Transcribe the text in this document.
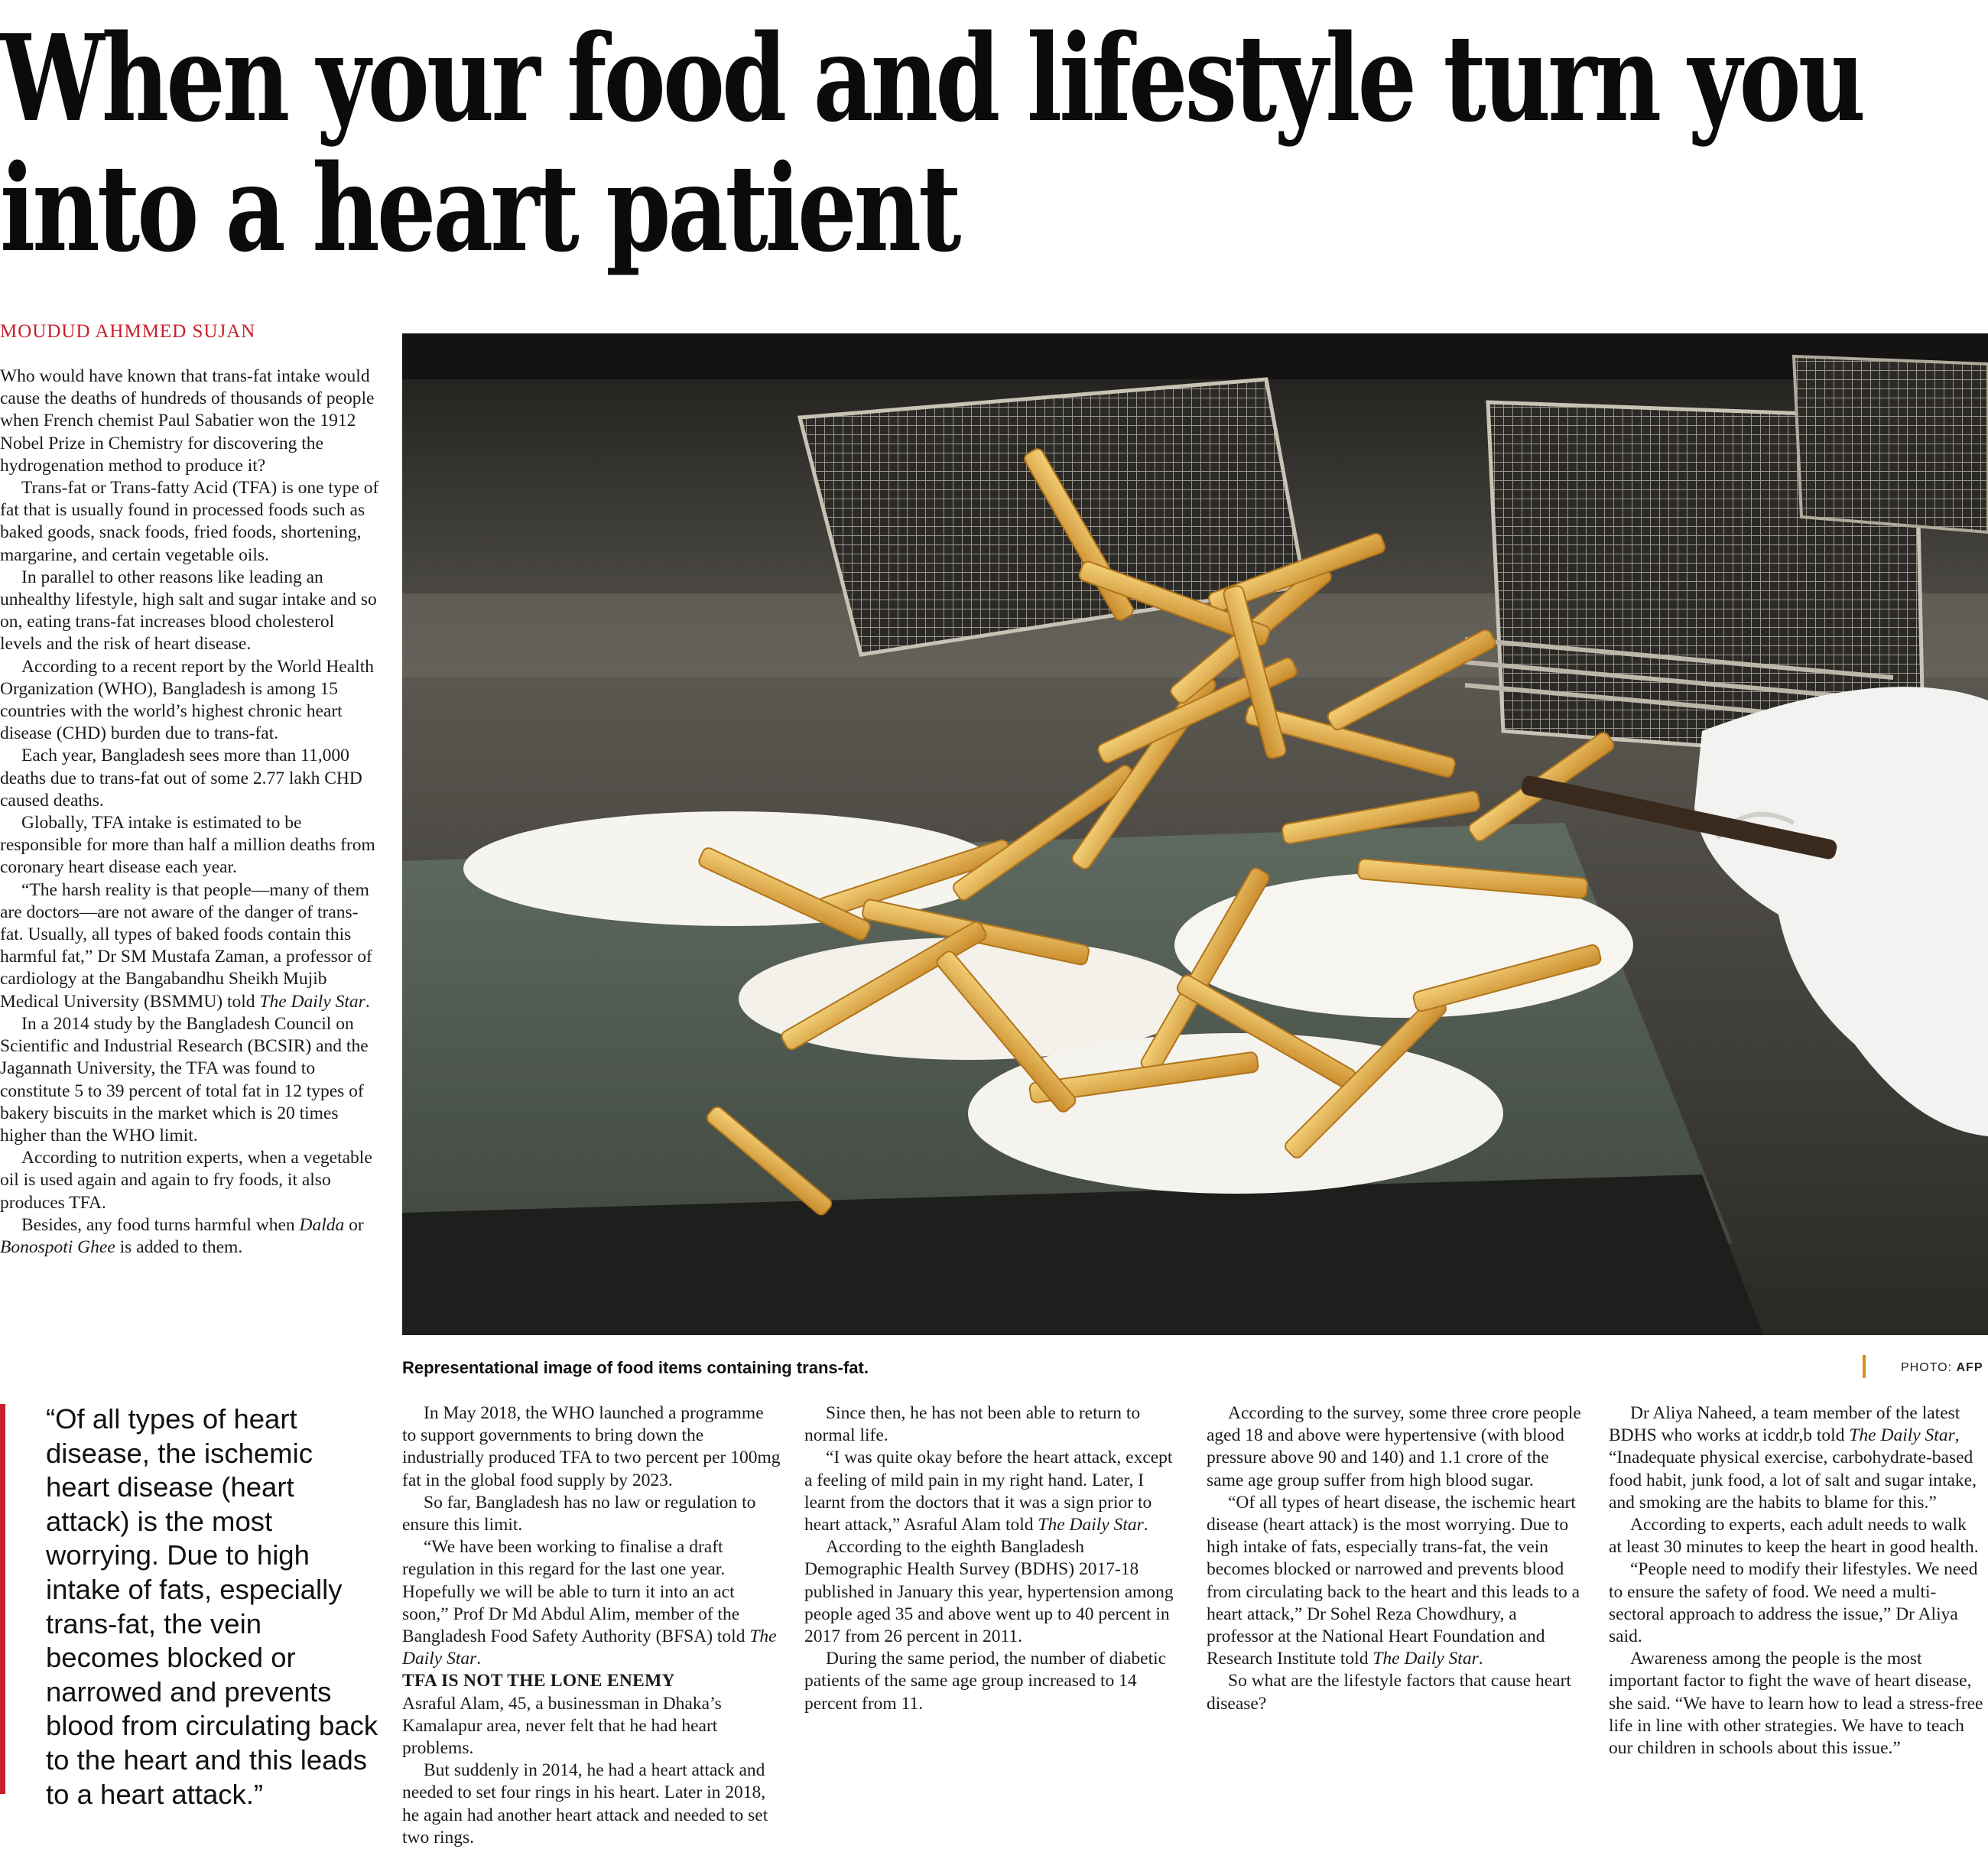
When your food and lifestyle turn you
into a heart patient
MOUDUD AHMMED SUJAN

Who would have known that trans-fat intake would cause the deaths of hundreds of thousands of people when French chemist Paul Sabatier won the 1912 Nobel Prize in Chemistry for discovering the hydrogenation method to produce it?

Trans-fat or Trans-fatty Acid (TFA) is one type of fat that is usually found in processed foods such as baked goods, snack foods, fried foods, shortening, margarine, and certain vegetable oils.

In parallel to other reasons like leading an unhealthy lifestyle, high salt and sugar intake and so on, eating trans-fat increases blood cholesterol levels and the risk of heart disease.

According to a recent report by the World Health Organization (WHO), Bangladesh is among 15 countries with the world’s highest chronic heart disease (CHD) burden due to trans-fat.

Each year, Bangladesh sees more than 11,000 deaths due to trans-fat out of some 2.77 lakh CHD caused deaths.

Globally, TFA intake is estimated to be responsible for more than half a million deaths from coronary heart disease each year.

“The harsh reality is that people—many of them are doctors—are not aware of the danger of trans-fat. Usually, all types of baked foods contain this harmful fat,” Dr SM Mustafa Zaman, a professor of cardiology at the Bangabandhu Sheikh Mujib Medical University (BSMMU) told The Daily Star.

In a 2014 study by the Bangladesh Council on Scientific and Industrial Research (BCSIR) and the Jagannath University, the TFA was found to constitute 5 to 39 percent of total fat in 12 types of bakery biscuits in the market which is 20 times higher than the WHO limit.

According to nutrition experts, when a vegetable oil is used again and again to fry foods, it also produces TFA.

Besides, any food turns harmful when Dalda or Bonospoti Ghee is added to them.

Representational image of food items containing trans-fat.	PHOTO: AFP

“Of all types of heart disease, the ischemic heart disease (heart attack) is the most worrying. Due to high intake of fats, especially trans-fat, the vein becomes blocked or narrowed and prevents blood from circulating back to the heart and this leads to a heart attack.”

In May 2018, the WHO launched a programme to support governments to bring down the industrially produced TFA to two percent per 100mg fat in the global food supply by 2023.

So far, Bangladesh has no law or regulation to ensure this limit.

“We have been working to finalise a draft regulation in this regard for the last one year. Hopefully we will be able to turn it into an act soon,” Prof Dr Md Abdul Alim, member of the Bangladesh Food Safety Authority (BFSA) told The Daily Star.

TFA IS NOT THE LONE ENEMY

Asraful Alam, 45, a businessman in Dhaka’s Kamalapur area, never felt that he had heart problems.

But suddenly in 2014, he had a heart attack and needed to set four rings in his heart. Later in 2018, he again had another heart attack and needed to set two rings.

Since then, he has not been able to return to normal life.

“I was quite okay before the heart attack, except a feeling of mild pain in my right hand. Later, I learnt from the doctors that it was a sign prior to heart attack,” Asraful Alam told The Daily Star.

According to the eighth Bangladesh Demographic Health Survey (BDHS) 2017-18 published in January this year, hypertension among people aged 35 and above went up to 40 percent in 2017 from 26 percent in 2011.

During the same period, the number of diabetic patients of the same age group increased to 14 percent from 11.

According to the survey, some three crore people aged 18 and above were hypertensive (with blood pressure above 90 and 140) and 1.1 crore of the same age group suffer from high blood sugar.

“Of all types of heart disease, the ischemic heart disease (heart attack) is the most worrying. Due to high intake of fats, especially trans-fat, the vein becomes blocked or narrowed and prevents blood from circulating back to the heart and this leads to a heart attack,” Dr Sohel Reza Chowdhury, a professor at the National Heart Foundation and Research Institute told The Daily Star.

So what are the lifestyle factors that cause heart disease?

Dr Aliya Naheed, a team member of the latest BDHS who works at icddr,b told The Daily Star, “Inadequate physical exercise, carbohydrate-based food habit, junk food, a lot of salt and sugar intake, and smoking are the habits to blame for this.”

According to experts, each adult needs to walk at least 30 minutes to keep the heart in good health.

“People need to modify their lifestyles. We need to ensure the safety of food. We need a multi-sectoral approach to address the issue,” Dr Aliya said.

Awareness among the people is the most important factor to fight the wave of heart disease, she said. “We have to learn how to lead a stress-free life in line with other strategies. We have to teach our children in schools about this issue.”
